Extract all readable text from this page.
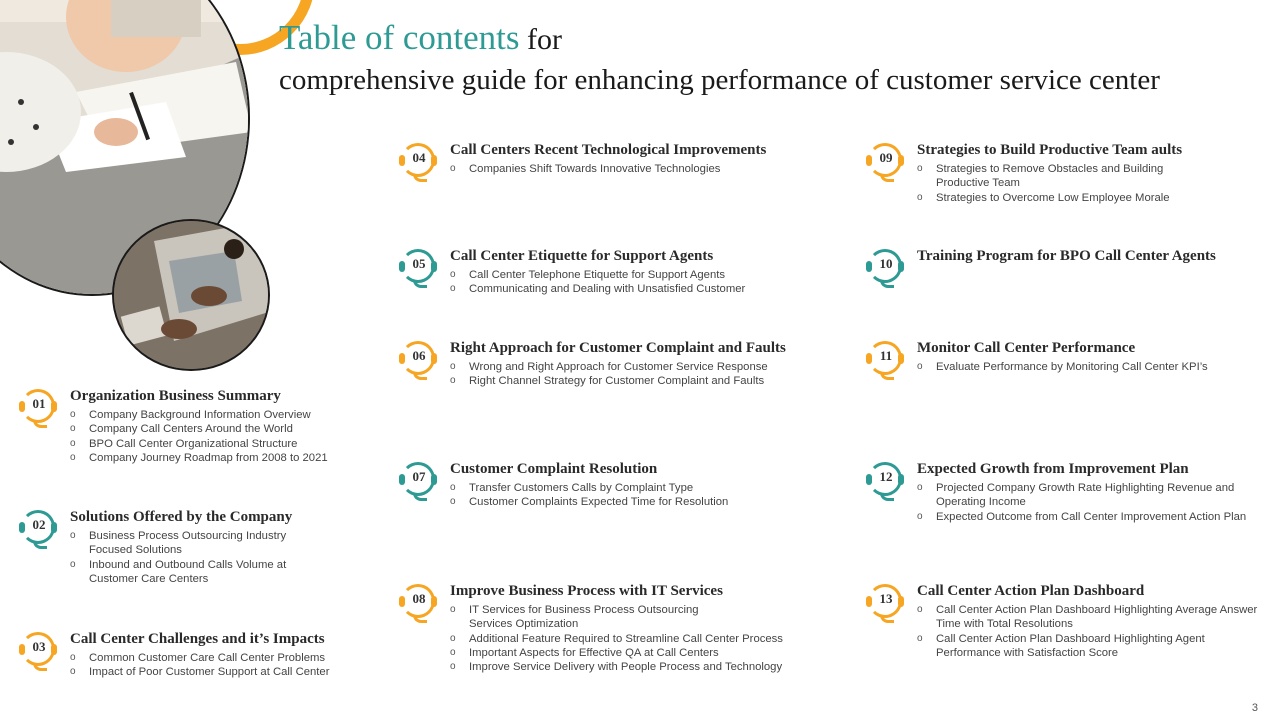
Table of contents for
comprehensive guide for enhancing performance of customer service center
01	Organization Business Summary
o Company Background Information Overview
o Company Call Centers Around the World
o BPO Call Center Organizational Structure
o Company Journey Roadmap from 2008 to 2021
02	Solutions Offered by the Company
o Business Process Outsourcing Industry Focused Solutions
o Inbound and Outbound Calls Volume at Customer Care Centers
03	Call Center Challenges and it’s Impacts
o Common Customer Care Call Center Problems
o Impact of Poor Customer Support at Call Center
04	Call Centers Recent Technological Improvements
o Companies Shift Towards Innovative Technologies
05	Call Center Etiquette for Support Agents
o Call Center Telephone Etiquette for Support Agents
o Communicating and Dealing with Unsatisfied Customer
06	Right Approach for Customer Complaint and Faults
o Wrong and Right Approach for Customer Service Response
o Right Channel Strategy for Customer Complaint and Faults
07	Customer Complaint Resolution
o Transfer Customers Calls by Complaint Type
o Customer Complaints Expected Time for Resolution
08	Improve Business Process with IT Services
o IT Services for Business Process Outsourcing Services Optimization
o Additional Feature Required to Streamline Call Center Process
o Important Aspects for Effective QA at Call Centers
o Improve Service Delivery with People Process and Technology
09	Strategies to Build Productive Team aults
o Strategies to Remove Obstacles and Building Productive Team
o Strategies to Overcome Low Employee Morale
10	Training Program for BPO Call Center Agents
11	Monitor Call Center Performance
o Evaluate Performance by Monitoring Call Center KPI’s
12	Expected Growth from Improvement Plan
o Projected Company Growth Rate Highlighting Revenue and Operating Income
o Expected Outcome from Call Center Improvement Action Plan
13	Call Center Action Plan Dashboard
o Call Center Action Plan Dashboard Highlighting Average Answer Time with Total Resolutions
o Call Center Action Plan Dashboard Highlighting Agent Performance with Satisfaction Score
3
